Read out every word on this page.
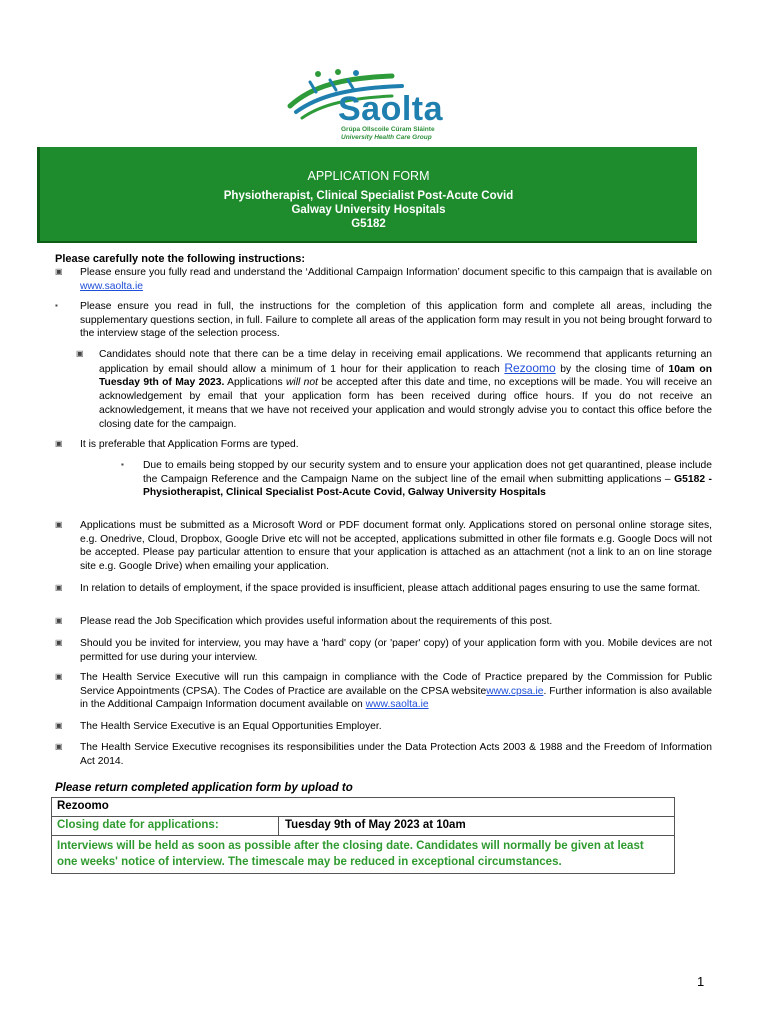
Saolta
Grúpa Ollscoile Cúram Sláinte
University Health Care Group
APPLICATION FORM
Physiotherapist, Clinical Specialist Post-Acute Covid
Galway University Hospitals
G5182
Please carefully note the following instructions:
▣ Please ensure you fully read and understand the ‘Additional Campaign Information’ document specific to this campaign that is available on www.saolta.ie
▪ Please ensure you read in full, the instructions for the completion of this application form and complete all areas, including the supplementary questions section, in full. Failure to complete all areas of the application form may result in you not being brought forward to the interview stage of the selection process.
▣ Candidates should note that there can be a time delay in receiving email applications. We recommend that applicants returning an application by email should allow a minimum of 1 hour for their application to reach Rezoomo by the closing time of 10am on Tuesday 9th of May 2023. Applications will not be accepted after this date and time, no exceptions will be made. You will receive an acknowledgement by email that your application form has been received during office hours. If you do not receive an acknowledgement, it means that we have not received your application and would strongly advise you to contact this office before the closing date for the campaign.
▣ It is preferable that Application Forms are typed.
▪ Due to emails being stopped by our security system and to ensure your application does not get quarantined, please include the Campaign Reference and the Campaign Name on the subject line of the email when submitting applications – G5182 - Physiotherapist, Clinical Specialist Post-Acute Covid, Galway University Hospitals
▣ Applications must be submitted as a Microsoft Word or PDF document format only. Applications stored on personal online storage sites, e.g. Onedrive, Cloud, Dropbox, Google Drive etc will not be accepted, applications submitted in other file formats e.g. Google Docs will not be accepted. Please pay particular attention to ensure that your application is attached as an attachment (not a link to an on line storage site e.g. Google Drive) when emailing your application.
▣ In relation to details of employment, if the space provided is insufficient, please attach additional pages ensuring to use the same format.
▣ Please read the Job Specification which provides useful information about the requirements of this post.
▣ Should you be invited for interview, you may have a 'hard' copy (or 'paper' copy) of your application form with you. Mobile devices are not permitted for use during your interview.
▣ The Health Service Executive will run this campaign in compliance with the Code of Practice prepared by the Commission for Public Service Appointments (CPSA). The Codes of Practice are available on the CPSA websitewww.cpsa.ie. Further information is also available in the Additional Campaign Information document available on www.saolta.ie
▣ The Health Service Executive is an Equal Opportunities Employer.
▣ The Health Service Executive recognises its responsibilities under the Data Protection Acts 2003 & 1988 and the Freedom of Information Act 2014.
Please return completed application form by upload to
Rezoomo
Closing date for applications:	Tuesday 9th of May 2023 at 10am
Interviews will be held as soon as possible after the closing date. Candidates will normally be given at least one weeks' notice of interview. The timescale may be reduced in exceptional circumstances.
1
